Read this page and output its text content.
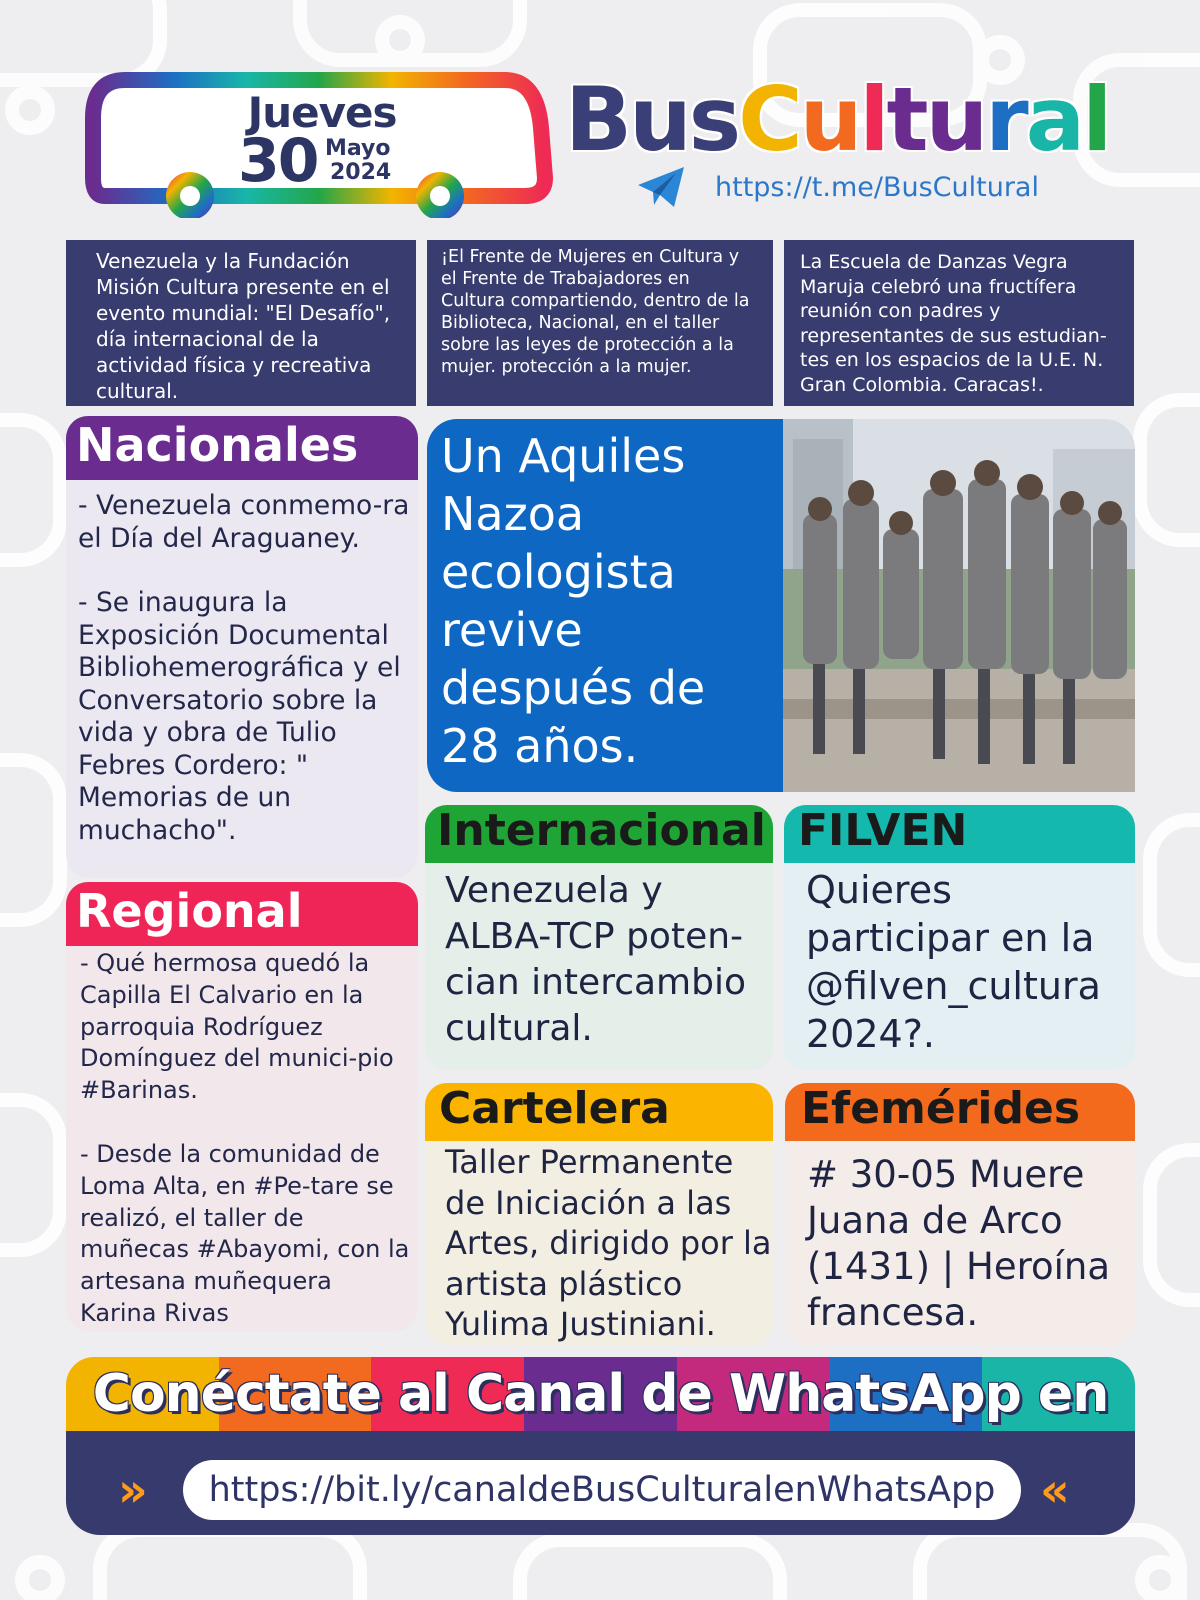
Jueves
30 Mayo
2024
BusCultural
https://t.me/BusCultural

Venezuela y la Fundación Misión Cultura presente en el evento mundial: "El Desafío", día internacional de la actividad física y recreativa cultural.

¡El Frente de Mujeres en Cultura y el Frente de Trabajadores en Cultura compartiendo, dentro de la Biblioteca, Nacional, en el taller sobre las leyes de protección a la mujer. protección a la mujer.

La Escuela de Danzas Vegra Maruja celebró una fructífera reunión con padres y representantes de sus estudian-tes en los espacios de la U.E. N. Gran Colombia. Caracas!.

Nacionales

- Venezuela conmemo-ra el Día del Araguaney.

- Se inaugura la Exposición Documental Bibliohemerográfica y el Conversatorio sobre la vida y obra de Tulio Febres Cordero: " Memorias de un muchacho".

Regional

- Qué hermosa quedó la Capilla El Calvario en la parroquia Rodríguez Domínguez del munici-pio #Barinas.

- Desde la comunidad de Loma Alta, en #Pe-tare se realizó, el taller de muñecas #Abayomi, con la artesana muñequera Karina Rivas

Un Aquiles Nazoa ecologista revive después de 28 años.
Internacional
Venezuela y ALBA-TCP poten-cian intercambio cultural.
FILVEN
Quieres participar en la @filven_cultura 2024?.
Cartelera
Taller Permanente de Iniciación a las Artes, dirigido por la artista plástico Yulima Justiniani.
Efemérides
# 30-05 Muere Juana de Arco (1431) | Heroína francesa.
Conéctate al Canal de WhatsApp en
»	https://bit.ly/canaldeBusCulturalenWhatsApp «
